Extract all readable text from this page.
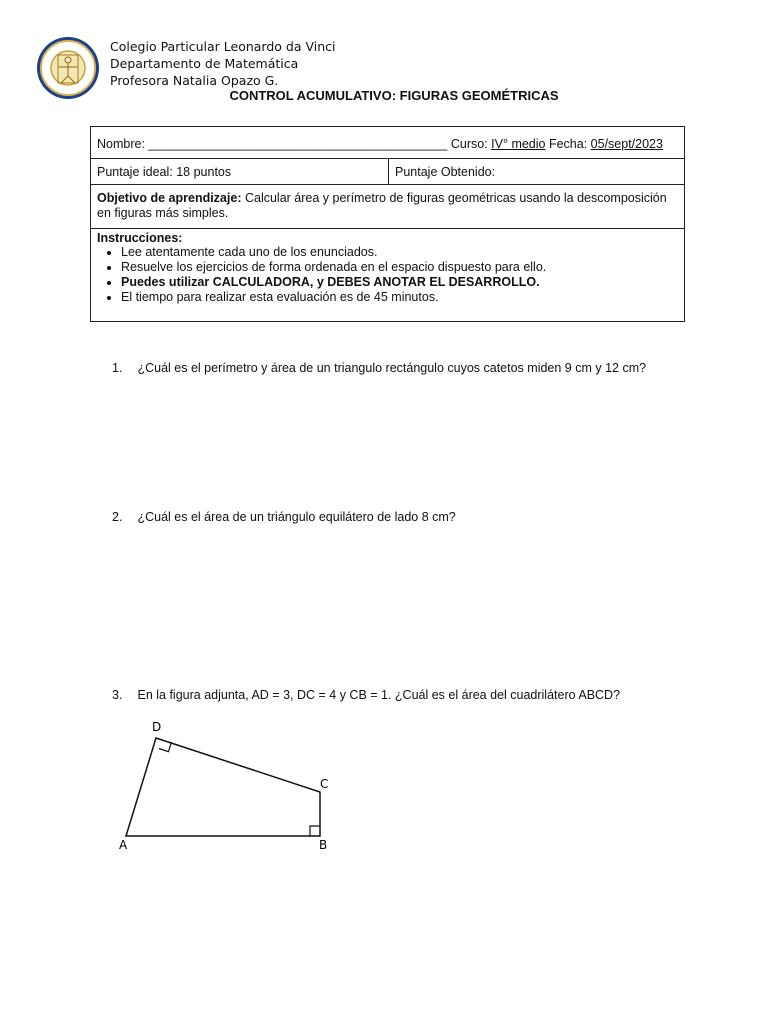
Colegio Particular Leonardo da Vinci
Departamento de Matemática
Profesora Natalia Opazo G.
CONTROL ACUMULATIVO: FIGURAS GEOMÉTRICAS
Nombre: ___________________________________________ Curso: IV° medio Fecha: 05/sept/2023
Puntaje ideal: 18 puntos	Puntaje Obtenido:
Objetivo de aprendizaje: Calcular área y perímetro de figuras geométricas usando la descomposición en figuras más simples.
Instrucciones:
• Lee atentamente cada uno de los enunciados.
• Resuelve los ejercicios de forma ordenada en el espacio dispuesto para ello.
• Puedes utilizar CALCULADORA, y DEBES ANOTAR EL DESARROLLO.
• El tiempo para realizar esta evaluación es de 45 minutos.
1. ¿Cuál es el perímetro y área de un triangulo rectángulo cuyos catetos miden 9 cm y 12 cm?
2. ¿Cuál es el área de un triángulo equilátero de lado 8 cm?
3. En la figura adjunta, AD = 3, DC = 4 y CB = 1. ¿Cuál es el área del cuadrilátero ABCD?
A	B
C
D
